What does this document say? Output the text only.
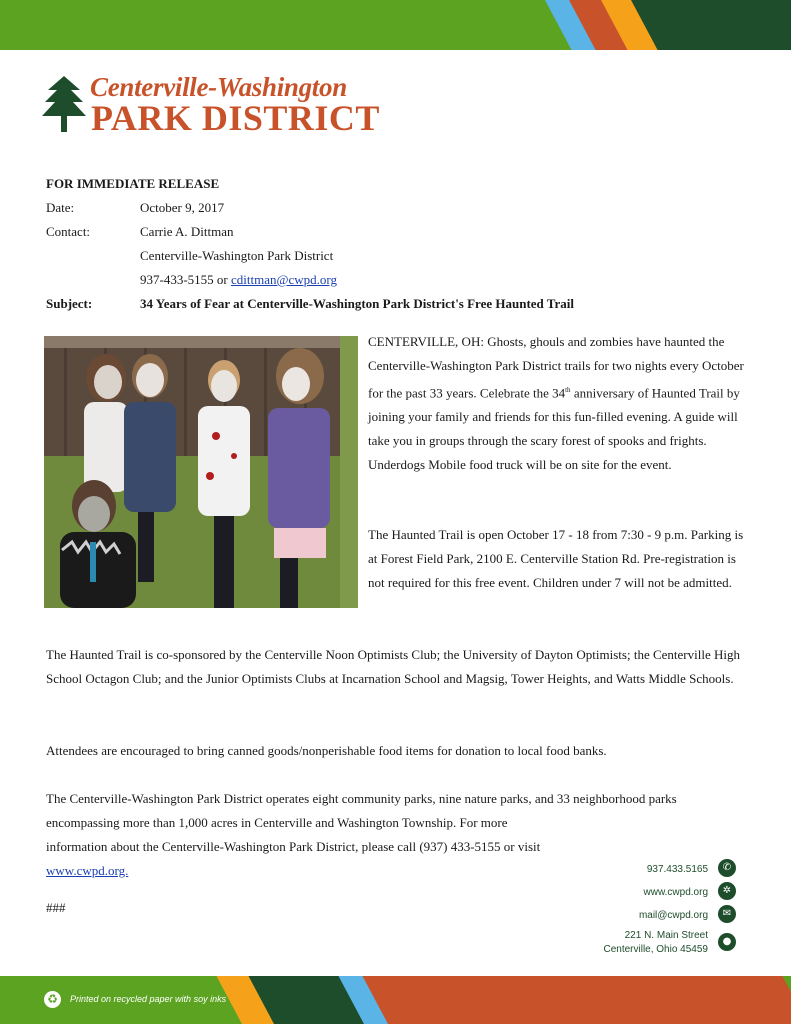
Centerville-Washington
PARK DISTRICT
FOR IMMEDIATE RELEASE
Date:	October 9, 2017
Contact:	Carrie A. Dittman
Centerville-Washington Park District
937-433-5155 or cdittman@cwpd.org
Subject:	34 Years of Fear at Centerville-Washington Park District's Free Haunted Trail
CENTERVILLE, OH: Ghosts, ghouls and zombies have haunted the Centerville-Washington Park District trails for two nights every October for the past 33 years. Celebrate the 34th anniversary of Haunted Trail by joining your family and friends for this fun-filled evening. A guide will take you in groups through the scary forest of spooks and frights. Underdogs Mobile food truck will be on site for the event.
The Haunted Trail is open October 17 - 18 from 7:30 - 9 p.m. Parking is at Forest Field Park, 2100 E. Centerville Station Rd. Pre-registration is not required for this free event. Children under 7 will not be admitted.
The Haunted Trail is co-sponsored by the Centerville Noon Optimists Club; the University of Dayton Optimists; the Centerville High School Octagon Club; and the Junior Optimists Clubs at Incarnation School and Magsig, Tower Heights, and Watts Middle Schools.
Attendees are encouraged to bring canned goods/nonperishable food items for donation to local food banks.
The Centerville-Washington Park District operates eight community parks, nine nature parks, and 33 neighborhood parks encompassing more than 1,000 acres in Centerville and Washington Township. For more
information about the Centerville-Washington Park District, please call (937) 433-5155 or visit
www.cwpd.org.
###
937.433.5165	✆
www.cwpd.org	✲
mail@cwpd.org	✉
221 N. Main Street
Centerville, Ohio 45459
●
♻	Printed on recycled paper with soy inks
